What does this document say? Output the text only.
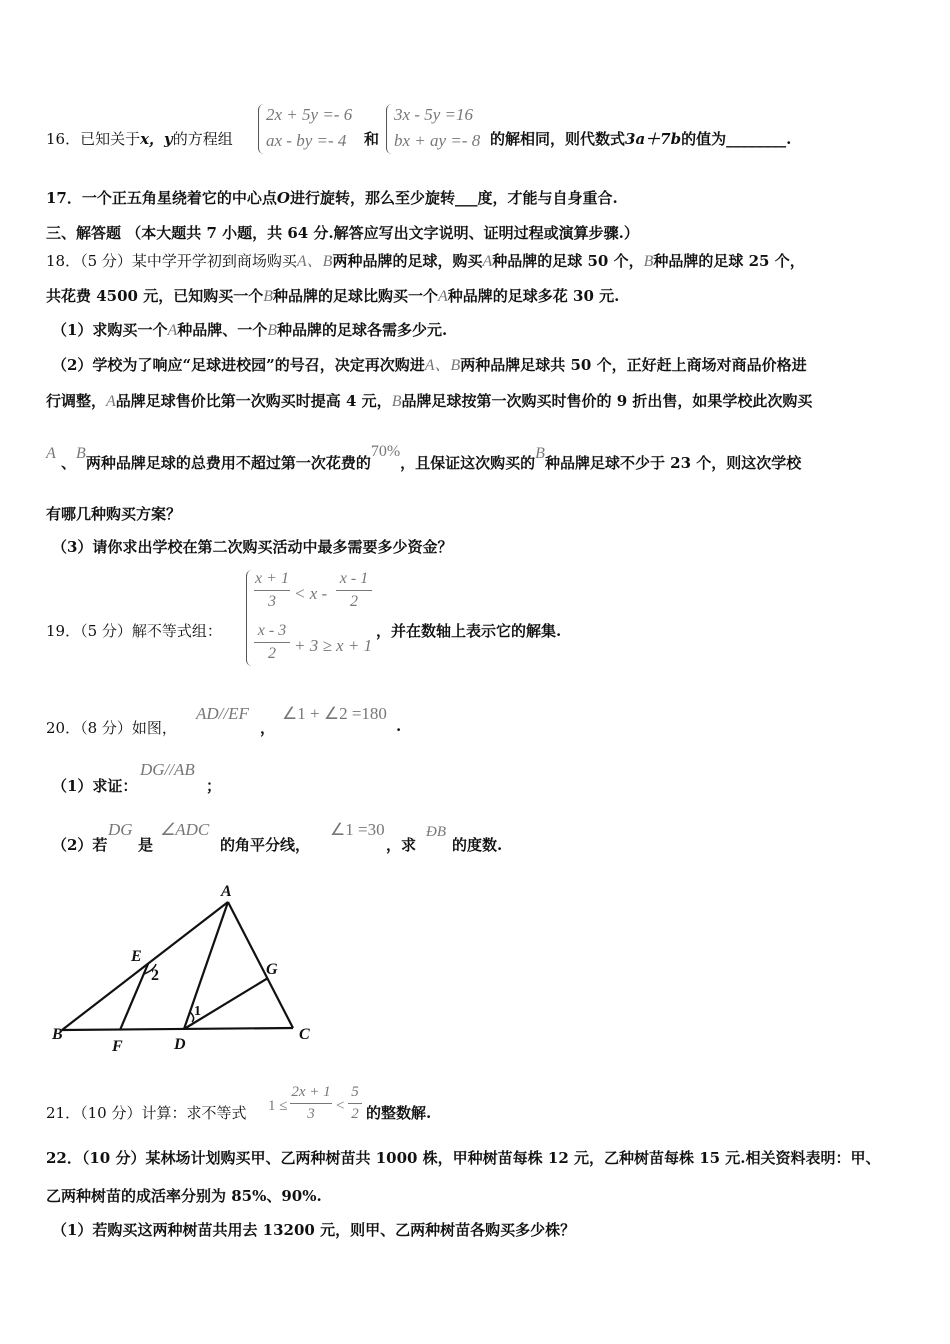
16．已知关于x，y的方程组
2x + 5y =- 6
ax - by =- 4	和
3x - 5y =16
bx + ay =- 8 的解相同，则代数式3a＋7b的值为________.
17．一个正五角星绕着它的中心点O进行旋转，那么至少旋转___度，才能与自身重合.
三、解答题 （本大题共 7 小题，共 64 分.解答应写出文字说明、证明过程或演算步骤.）
18．（5 分）某中学开学初到商场购买A、B两种品牌的足球，购买A种品牌的足球 50 个，B种品牌的足球 25 个，
共花费 4500 元，已知购买一个B种品牌的足球比购买一个A种品牌的足球多花 30 元.
（1）求购买一个A种品牌、一个B种品牌的足球各需多少元.
（2）学校为了响应“足球进校园”的号召，决定再次购进A、B两种品牌足球共 50 个，正好赶上商场对商品价格进
行调整，A品牌足球售价比第一次购买时提高 4 元，B品牌足球按第一次购买时售价的 9 折出售，如果学校此次购买
A 、B两种品牌足球的总费用不超过第一次花费的70%，且保证这次购买的B种品牌足球不少于 23 个，则这次学校
有哪几种购买方案？
（3）请你求出学校在第二次购买活动中最多需要多少资金？
19．（5 分）解不等式组：
x + 1
3	< x -
x - 1
2
x - 3
2	+ 3 ≥ x + 1
，并在数轴上表示它的解集.
20．（8 分）如图，
AD//EF
，
∠1 + ∠2 =180
.
（1）求证：
DG//AB
；
（2）若
DG
是
∠ADC
的角平分线，
∠1 =30
，求
ÐB
的度数.
A
E
2	G
1
B
F	D
C
21．（10 分）计算：求不等式 1 ≤
2x + 1
3	<
5
2 的整数解.
22．（10 分）某林场计划购买甲、乙两种树苗共 1000 株，甲种树苗每株 12 元，乙种树苗每株 15 元.相关资料表明：甲、
乙两种树苗的成活率分别为 85%、90%.
（1）若购买这两种树苗共用去 13200 元，则甲、乙两种树苗各购买多少株？
